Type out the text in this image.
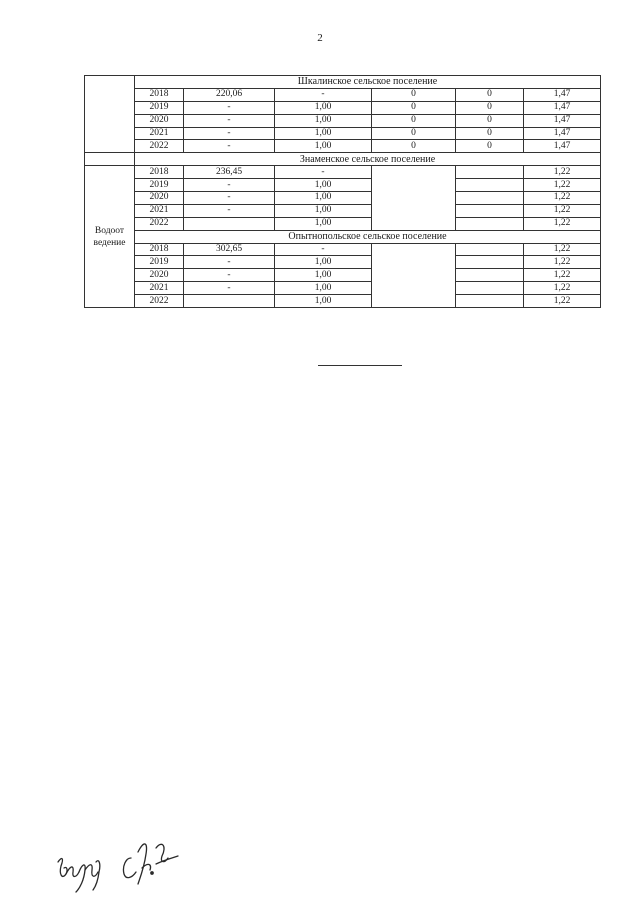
2
	Шкалинское сельское поселение					
	2018	220,06	-	0	0	1,47
	2019	-	1,00	0	0	1,47
	2020	-	1,00	0	0	1,47
	2021	-	1,00	0	0	1,47
	2022	-	1,00	0	0	1,47
	Знаменское сельское поселение					
Водоот ведение	2018	236,45	-			1,22
	2019	-	1,00			1,22
	2020	-	1,00			1,22
	2021	-	1,00			1,22
	2022		1,00			1,22
	Опытнопольское сельское поселение					
	2018	302,65	-			1,22
	2019	-	1,00			1,22
	2020	-	1,00			1,22
	2021	-	1,00			1,22
	2022		1,00			1,22
